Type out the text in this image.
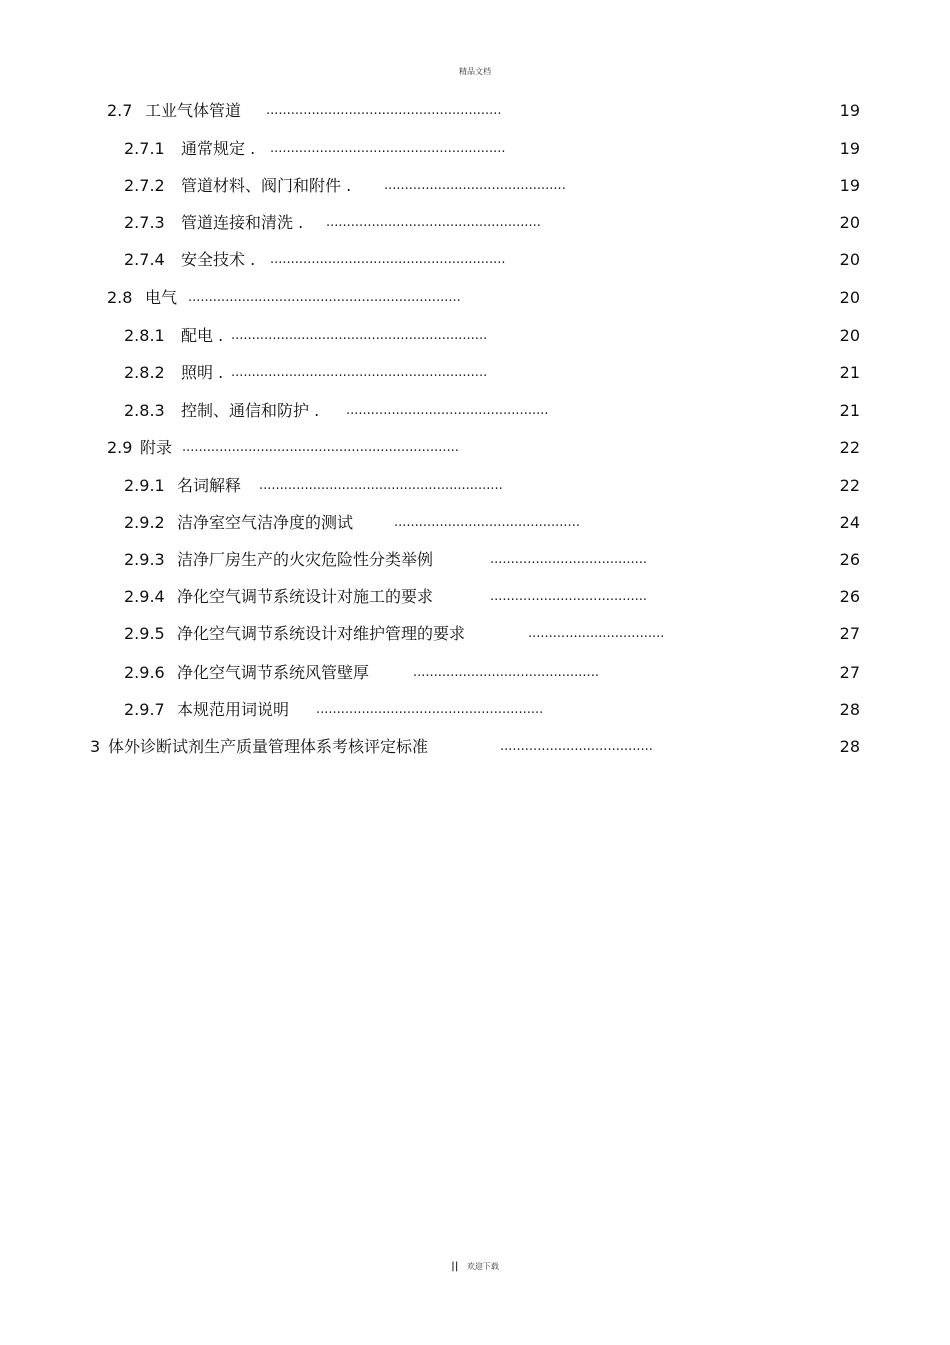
精品文档
2.7 工业气体管道 .........................................................	19
2.7.1 通常规定 . .........................................................	19
2.7.2 管道材料、阀门和附件 .	............................................	19
2.7.3 管道连接和清洗 . ....................................................	20
2.7.4 安全技术 . .........................................................	20
2.8 电气 ..................................................................	20
2.8.1 配电 . ..............................................................	20
2.8.2 照明 . ..............................................................	21
2.8.3 控制、通信和防护 . .................................................	21
2.9 附录 ...................................................................	22
2.9.1 名词解释 ...........................................................	22
2.9.2 洁净室空气洁净度的测试	.............................................	24
2.9.3 洁净厂房生产的火灾危险性分类举例	......................................	26
2.9.4 净化空气调节系统设计对施工的要求	......................................	26
2.9.5 净化空气调节系统设计对维护管理的要求	.................................	27
2.9.6 净化空气调节系统风管壁厚	.............................................	27
2.9.7 本规范用词说明 .......................................................	28
3 体外诊断试剂生产质量管理体系考核评定标准	.....................................	28
|| 欢迎下载
